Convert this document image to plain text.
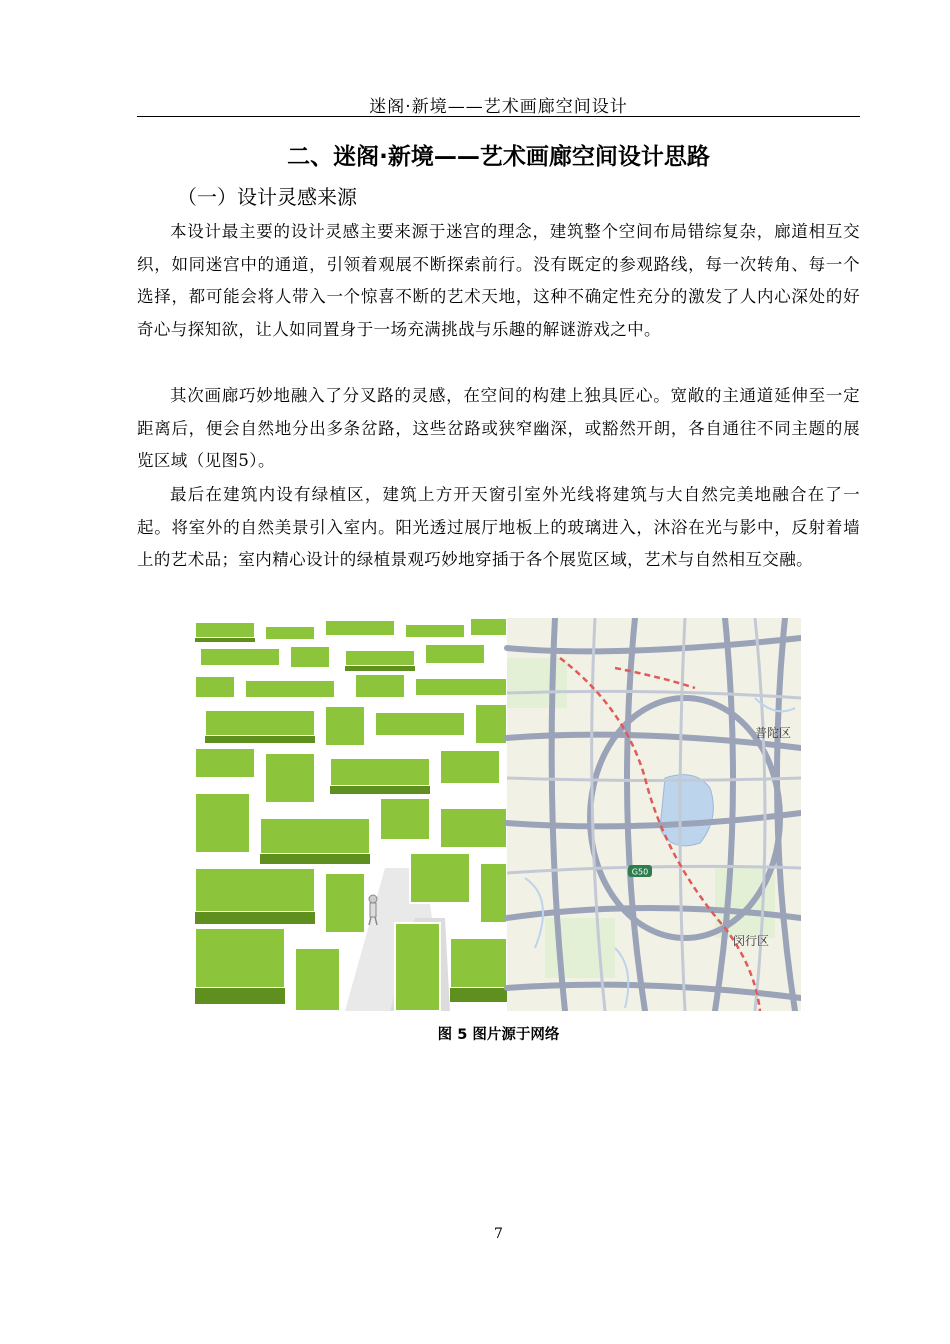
迷阁·新境——艺术画廊空间设计
二、迷阁·新境——艺术画廊空间设计思路
（一）设计灵感来源

本设计最主要的设计灵感主要来源于迷宫的理念，建筑整个空间布局错综复杂，廊道相互交织，如同迷宫中的通道，引领着观展不断探索前行。没有既定的参观路线，每一次转角、每一个选择，都可能会将人带入一个惊喜不断的艺术天地，这种不确定性充分的激发了人内心深处的好奇心与探知欲，让人如同置身于一场充满挑战与乐趣的解谜游戏之中。

其次画廊巧妙地融入了分叉路的灵感，在空间的构建上独具匠心。宽敞的主通道延伸至一定距离后，便会自然地分出多条岔路，这些岔路或狭窄幽深，或豁然开朗，各自通往不同主题的展览区域（见图5）。

最后在建筑内设有绿植区，建筑上方开天窗引室外光线将建筑与大自然完美地融合在了一起。将室外的自然美景引入室内。阳光透过展厅地板上的玻璃进入，沐浴在光与影中，反射着墙上的艺术品；室内精心设计的绿植景观巧妙地穿插于各个展览区域，艺术与自然相互交融。

G50
普陀区
闵行区
图 5 图片源于网络
7
